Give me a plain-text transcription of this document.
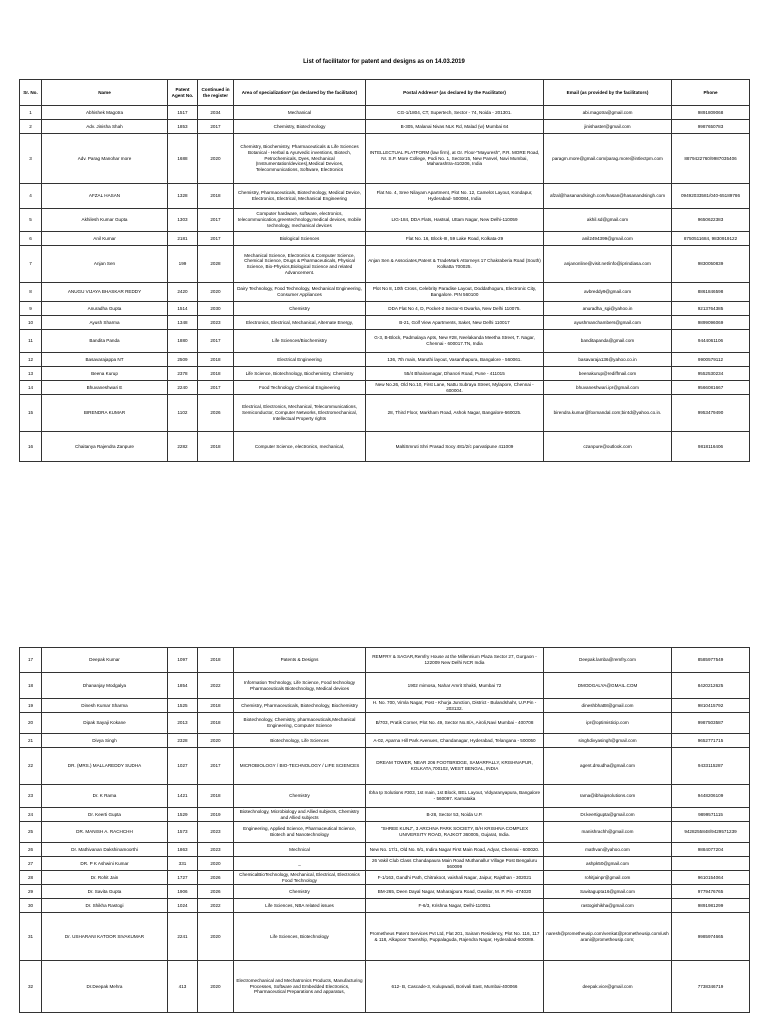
List of facilitator for patent and designs as on 14.03.2019
Sr. No.	Name	Patent Agent No.	Continued in the register	Area of specialization* (as declared by the facilitator)	Postal Address* (as declared by the Facilitator)	Email (as provided by the facilitators)	Phone
1	Abhishek Magotra	1517	2034	Mechanical	CG-1/1804, CT, Supertech, Sector - 74, Noida - 201301.	abi.magotra@gmail.com	9891809068
2	Adv. Jinisha Shah	1853	2017	Chemistry, Biotechnology	B-305, Malanai Nivas NLK Rd, Malad (w) Mumbai 64	jinishaster@gmail.com	9987650783
3	Adv. Parag Manohar more	1688	2020	Chemistry, Biochemistry, Pharmaceuticals & Life Sciences Botanical - Herbal & Ayurvedic inventions, Biotech, Petrochemicals, Dyes, Mechanical (Instrumentation/devices),Medical Devices, Telecommunications, Software, Electronics	INTELLECTUAL PLATFORM (law firm), at Gr. Floor-"Mayuresh", P.R. MORE Road, Nr. S.P. More College, Podi No. 1, Sector15, New Panvel, Navi Mumbai, Maharashtra-410206, India	paragm.more@gmail.com/parag.more@intlectpm.com	8879422760/9987035406
4	AFZAL HASAN	1328	2018	Chemistry, Pharmaceuticals, Biotechnology, Medical Device, Electronics, Electrical, Mechanical Engineering	Flat No. 4, Sree Nilayam Apartment, Plot No. 12, Camelot Layout, Kondapur, Hyderabad- 500084, India	afzal@hasanandsingh.com/hasan@hasanandsingh.com	09492033581/040-65189786
5	Akhilesh Kumar Gupta	1303	2017	Computer hardware, software, electronics, telecommunication,greentechnology,medical devices, mobile technology, mechanical devices	LIG-184, DDA Flats, Hastsal, Uttam Nagar, New Delhi-110059	akhil.sd@gmail.com	9650622383
6	Anil Kumar	2181	2017	Biological Sciences	Flat No. 16, Block-III, 59 Lake Road, Kolkata-29	anil2494399@gmail.com	8750511684, 9830919122
7	Anjan Sen	199	2028	Mechanical Science, Electronics & Computer Science, Chemical Science, Drugs & Pharmaceuticals, Physical Science, Bio-Physics,Biological Science and related Advancement.	Anjan Sen & Associates,Patent & TradeMark Attorneys 17 Chakraberia Road (South) Kolkatta 700025.	anjanonline@visit.net/info@iprindiasa.com	9830050839
8	ANUGU VIJAYA BHASKAR REDDY	2420	2020	Dairy Technology, Food Technology, Mechanical Engineering, Consumer Appliances	Plot No 8, 10th Cross, Celebrity Paradise Layout, Doddathoguru, Electronic City, Bangalore. PIN 560100	avbreddy9@gmail.com	8861846598
9	Anuradha Gupta	1514	2030	Chemistry	DDA Flat No 4, D, Pocket-2 Sector-6 Dwarka, New Delhi 110075.	anuradha_sgi@yahoo.in	9213764385
10	Ayush Sharma	1348	2023	Electronics, Electrical, Mechanical, Alternate Energy,	B-21, Golf View Apartments, Saket, New Delhi 110017	ayushmanchambers@gmail.com	9899096069
11	Bandita Panda	1880	2017	Life Sciences/Biochemistry	G-3, B-Block, Padmalaya Apts, New #28, Neelakanda Meetha Street, T. Nagar, Chennai - 600017.TN, India	banditapanda@gmail.com	9444061106
12	Basavarajappa NT	2509	2018	Electrical Engineering	136, 7th main, Maruthi layout, Vasanthapura, Bangalore - 560061.	basavaraja136@yahoo.co.in	9900579112
13	Beena Kurup	2378	2018	Life Science, Biotechnology, Biochemistry, Chemistry	55/4 Bhairavnagar, Dhanori Road, Pune - 411015	beenakurup@rediffmail.com	9552530234
14	Bhuvaneshwari E	2240	2017	Food Technology Chemical Engineering	New No.26, Old No.10, First Lane, Nattu Subraya Street, Mylapore, Chennai - 600004.	bhuvaneshwari.ipr@gmail.com	9566081667
15	BIRENDRA KUMAR	1102	2026	Electrical, Electronics, Mechanical, Telecommunications, Semiconductor, Computer Networks, Electromechanical, Intellectual Property rights	28, Third Floor, Markham Road, Ashok Nagar, Bangalore-560025.	birendra.kumar@foxmandal.com;bir4d@yahoo.co.in.	9953479490
16	Chaitanya Rajendra Zanpure	2282	2018	Computer Science, electronics, mechanical,	MaltiSmruti Shri Prasad Socy 481/2/c parvatipune 411009	czanpure@outlook.com	9818116406
17	Deepak Kumar	1097	2018	Patents & Designs	REMFRY & SAGAR,Remfry House at the Millennium Plaza Sector 27, Gurgaon - 122009 New Delhi NCR India	Deepak.lamba@remfry.com	8585977549
18	Dhananjay Modgalya	1854	2022	Information Technology, Life Science, Food technology Pharmaceuticals Biotechnology, Medical devices	1902 mimosa, Nahar Amrit Shakti, Mumbai 72	DMODGALYA@GMAIL.COM	8420212625
19	Dinesh Kumar Sharma	1525	2018	Chemistry, Pharmaceuticals, Biotechnology, Biochemistry	H. No. 700, Vimla Nagar, Post - Khurja Junction, District - Bulandshahr, U.P.Pin - 203132.	dineshbhatt8@gmail.com	9810415792
20	Dipak Sayaji Kokane	2013	2018	Biotechnology, Chemistry, pharmaceuticals,Mechanical Engineering, Computer Science	B/703, Pratik Corner, Plot No. 49, Sector No.8/A, Airoli,Navi Mumbai - 400708	ipr@optimisticip.com	9987503587
21	Divya Singh	2328	2020	Biotechnology, Life Sciences	A-02, Aparna Hill Park Avenues, Chandanagar, Hyderabad, Telangana - 500050	singhdivyasingh@gmail.com	9652771715
22	DR. (MRS.) MALLAREDDY SUDHA	1027	2017	MICROBIOLOGY / BIO-TECHNOLOGY / LIFE SCIENCES	DREAM TOWER, NEAR 206 FOOTBRIDGE, SAMARPALLY, KRISHNAPUR, KOLKATA,700102, WEST BENGAL, INDIA	agent.drsudha@gmail.com	9433115287
23	Dr. K Rama	1421	2018	Chemistry	Ibha Ip Solutions #303, 1st main, 1st Block, BEL Layout, Vidyaranyapura, Bangalore - 560097. Karnataka	rama@ibhaipsolutions.com	9448206109
24	Dr. Keerti Gupta	1529	2019	Biotechnology, Microbiology and Allied subjects, Chemistry and Allied subjects	B-28, Sector 53, Noida U.P.	Dr.keertigupta@gmail.com	9899571115
25	DR. MANISH A. RACHCHH	1573	2023	Engineering, Applied Science, Pharmaceutical Science, Biotech and Nanotechnology	"SHREE KUNJ", 3 ARCHNA PARK SOCIETY, B/H KRISHNA COMPLEX UNIVERSITY ROAD, RAJKOT 360005, Gujarat, India.	manishrachh@gmail.com	9428255848/9429571239
26	Dr. Mathivanan Dakshinamoorthi	1863	2023	Mechnical	New No. 17/1, Old No. 9/1, Indira Nagar First Main Road, Adyar, Chennai - 600020.	mathvan@yahoo.com	9884077204
27	DR. P K Ashwini Kumar	331	2020	_	26 Vakil Club Class Chandapaura Main Road Muthanallur Village Post Bengaluru 560099	ashpk50@gmail.com	
28	Dr. Rohit Jain	1727	2026	ChemicalBioTechnology, Mechanical, Electrical, Electronics Food Technology	F-1/163, Gandhi Path, Chitrakoot, vaishali Nagar, Jaipur, Rajsthan - 302021	rohitjainpr@gmail.com	9610154064
29	Dr. Savita Gupta	1906	2026	Chemistry	BM-265, Deen Dayal Nagar, Maharajpura Road, Gwalior, M. P. Pin -474020	Savitagupta16@gmail.com	9779476765
30	Dr. Shikha Rastogi	1024	2022	Life Sciences, NBA related issues	F-6/3, Krishna Nagar, Delhi-110051	rastogishikha@gmail.com	9891981299
31	Dr. USHARANI KATOOR SIVAKUMAR	2241	2020	Life Sciences, Biotechnology	Prometheus Patent Services Pvt Ltd, Flat 201, Sairam Residency, Plot No. 116, 117 & 118, Alkapoor Township, Puppalaguda, Rajendra Nagar, Hyderabad-500089.	naresh@prometheusip.com/venkat@prometheusip.com/usharani@prometheusip.com;	9985974665
32	Dr.Deepak Mehra	413	2020	Electromechanical and Mechatronics Products, Manufacturing Processes, Software and Embedded Electronics, Pharmaceutical Preparations and apparatus,	612- B, Cascade-3, Kulupwadi, Borivali East, Mumbai-400066	deepak.vice@gmail.com	7738346719
